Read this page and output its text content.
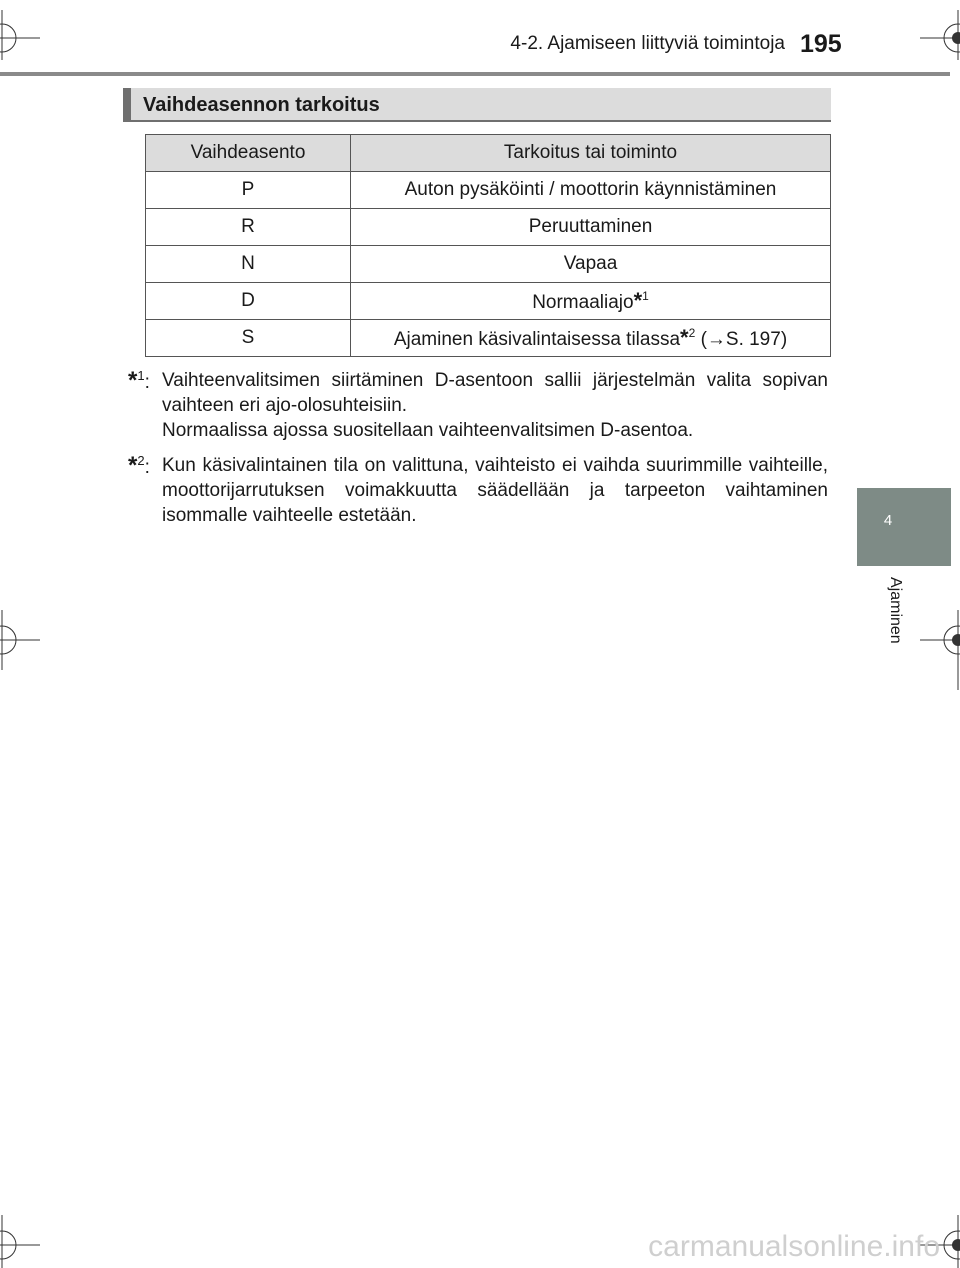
4-2. Ajamiseen liittyviä toimintoja 195
4
Ajaminen
Vaihdeasennon tarkoitus
Vaihdeasento	Tarkoitus tai toiminto
P	Auton pysäköinti / moottorin käynnistäminen
R	Peruuttaminen
N	Vapaa
D	Normaaliajo*$^1$
S	Ajaminen käsivalintaisessa tilassa*$^2$ (→S. 197)
*$^1$: Vaihteenvalitsimen siirtäminen D-asentoon sallii järjestelmän valita sopivan vaihteen eri ajo-olosuhteisiin.
Normaalissa ajossa suositellaan vaihteenvalitsimen D-asentoa.
*$^2$: Kun käsivalintainen tila on valittuna, vaihteisto ei vaihda suurimmille vaihteille, moottorijarrutuksen voimakkuutta säädellään ja tarpeeton vaihtaminen isommalle vaihteelle estetään.
carmanualsonline.info
